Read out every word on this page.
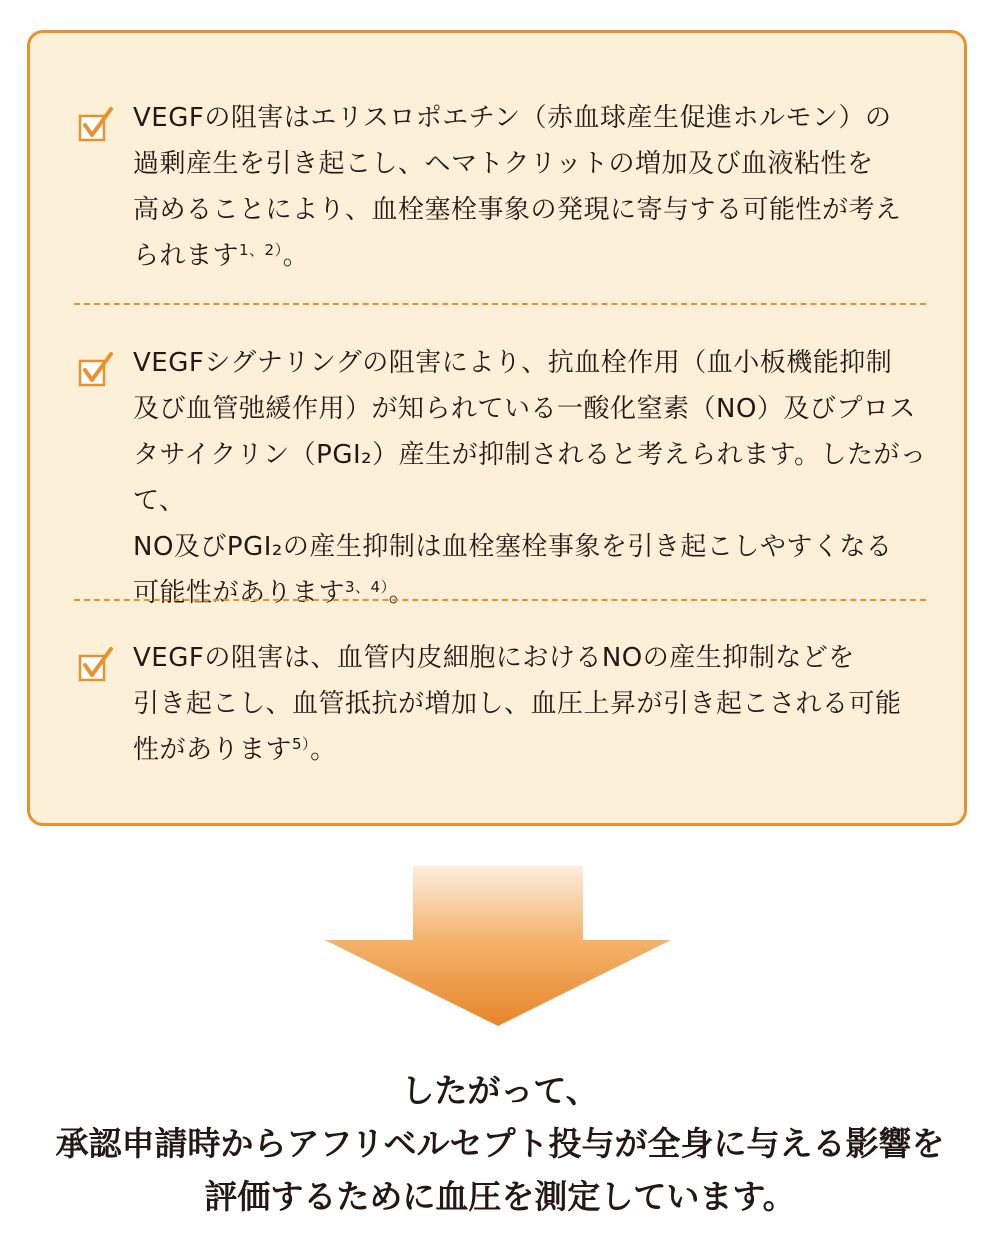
VEGFの阻害はエリスロポエチン（赤血球産生促進ホルモン）の
過剰産生を引き起こし、ヘマトクリットの増加及び血液粘性を
高めることにより、血栓塞栓事象の発現に寄与する可能性が考え
られます$^{1、2)}$。

VEGFシグナリングの阻害により、抗血栓作用（血小板機能抑制
及び血管弛緩作用）が知られている一酸化窒素（NO）及びプロス
タサイクリン（PGI₂）産生が抑制されると考えられます。したがって、
NO及びPGI₂の産生抑制は血栓塞栓事象を引き起こしやすくなる
可能性があります$^{3、4)}$。

VEGFの阻害は、血管内皮細胞におけるNOの産生抑制などを
引き起こし、血管抵抗が増加し、血圧上昇が引き起こされる可能
性があります$^{5)}$。

したがって、
承認申請時からアフリベルセプト投与が全身に与える影響を
評価するために血圧を測定しています。
